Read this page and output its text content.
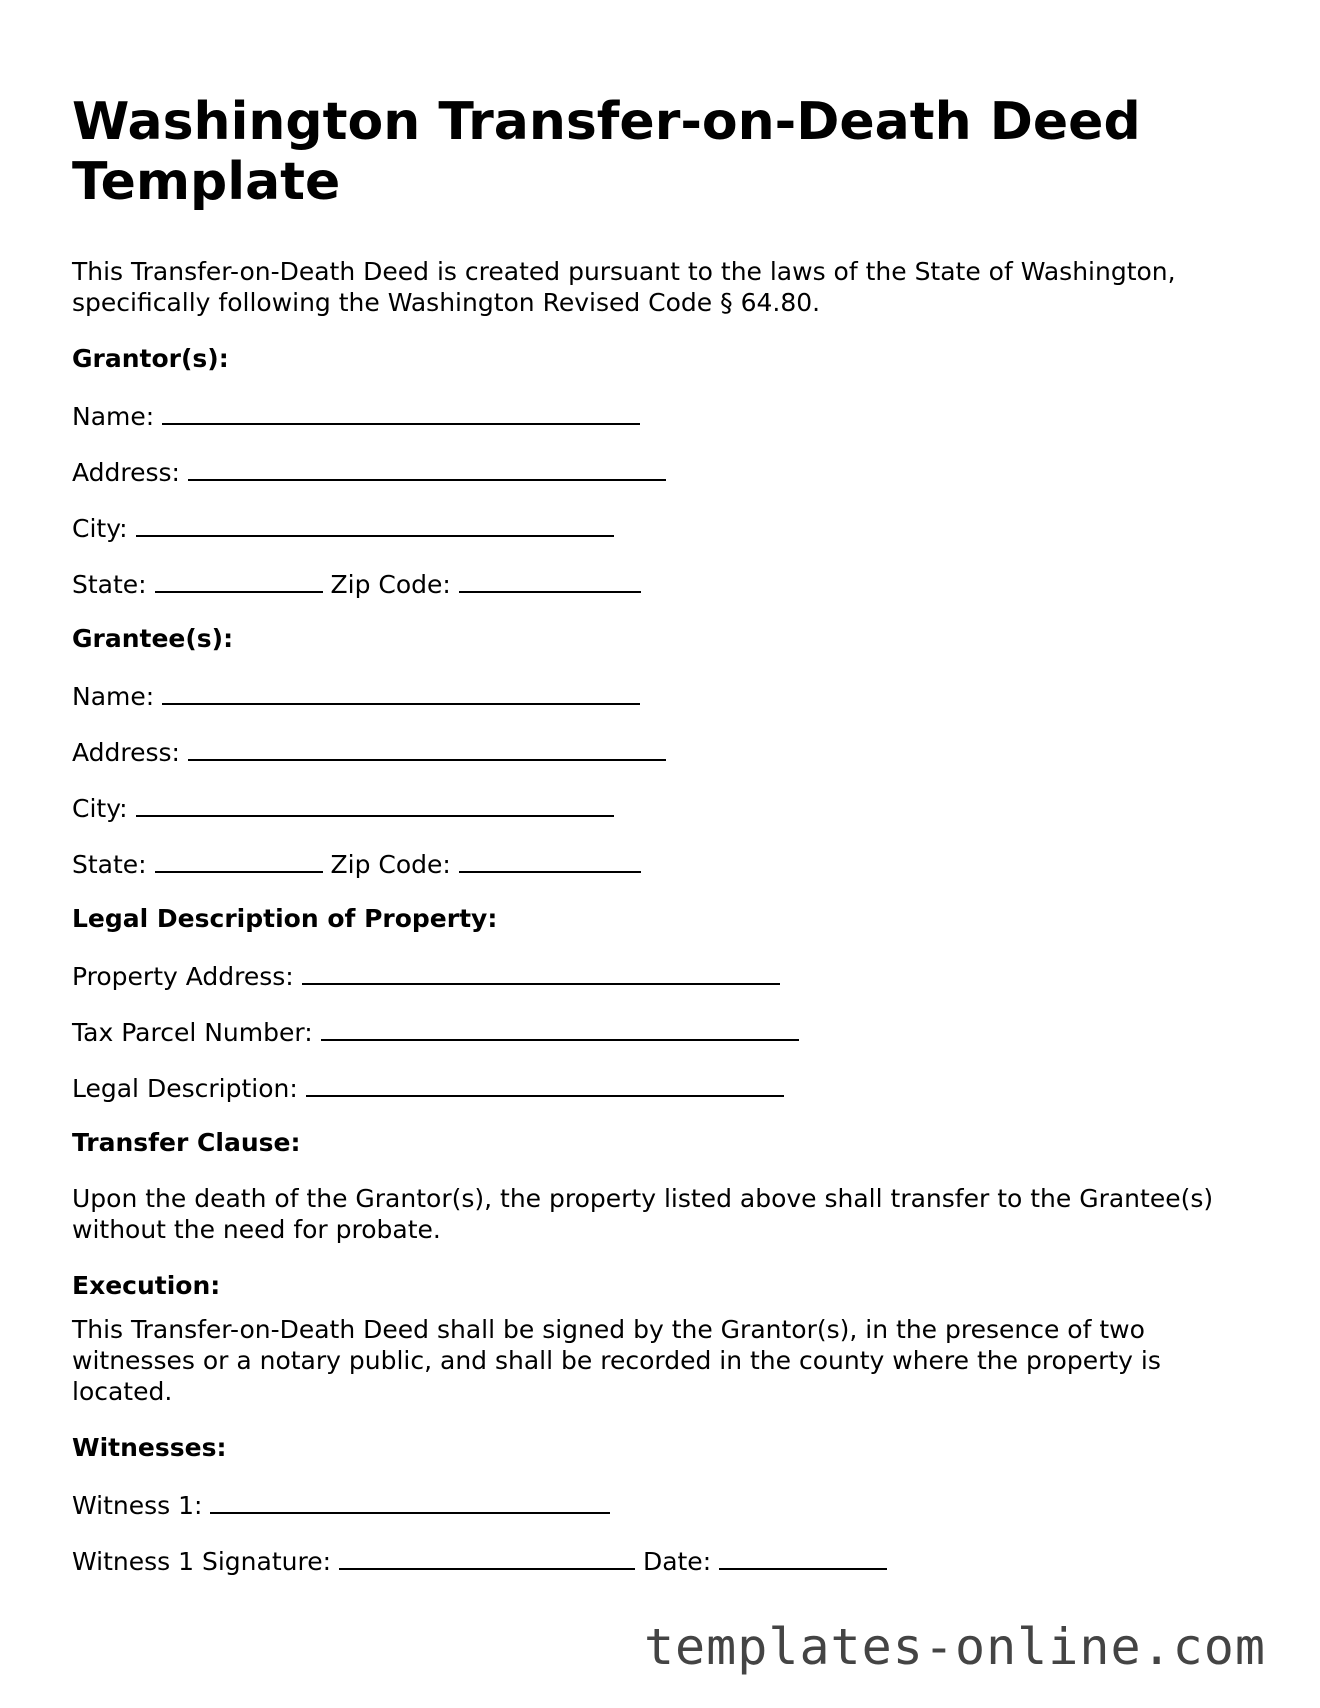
Washington Transfer-on-Death Deed Template

This Transfer-on-Death Deed is created pursuant to the laws of the State of Washington, specifically following the Washington Revised Code § 64.80.

Grantor(s):
Name:
Address:
City:
State:	Zip Code:
Grantee(s):
Name:
Address:
City:
State:	Zip Code:
Legal Description of Property:
Property Address:
Tax Parcel Number:
Legal Description:
Transfer Clause:

Upon the death of the Grantor(s), the property listed above shall transfer to the Grantee(s) without the need for probate.

Execution:

This Transfer-on-Death Deed shall be signed by the Grantor(s), in the presence of two witnesses or a notary public, and shall be recorded in the county where the property is located.

Witnesses:
Witness 1:
Witness 1 Signature:	Date:
templates-online.com
